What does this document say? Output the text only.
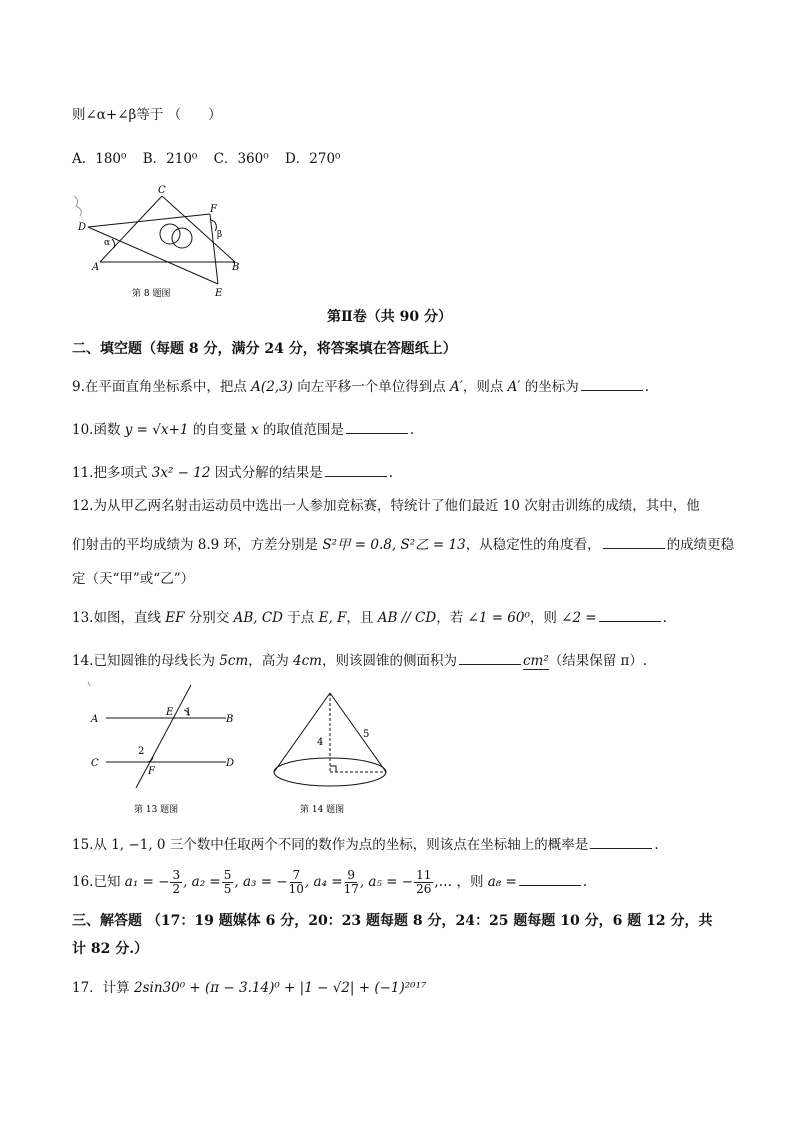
则∠α+∠β等于 （　　）
A．180⁰ B．210⁰ C．360⁰ D．270⁰
C
F
D
α
β
A	B
E
第 8 题图
第Ⅱ卷（共 90 分）
二、填空题（每题 8 分，满分 24 分，将答案填在答题纸上）
9.在平面直角坐标系中，把点 A(2,3) 向左平移一个单位得到点 A′，则点 A′ 的坐标为	.
10.函数 y = √x+1 的自变量 x 的取值范围是	.
11.把多项式 3x² − 12 因式分解的结果是	.
12.为从甲乙两名射击运动员中选出一人参加竞标赛，特统计了他们最近 10 次射击训练的成绩，其中，他
们射击的平均成绩为 8.9 环，方差分别是 S²甲 = 0.8, S²乙 = 13，从稳定性的角度看，	的成绩更稳
定（天“甲”或“乙”）
13.如图，直线 EF 分别交 AB, CD 于点 E, F，且 AB // CD，若 ∠1 = 60⁰，则 ∠2 =	.
14.已知圆锥的母线长为 5cm，高为 4cm，则该圆锥的侧面积为	cm²（结果保留 π）.
A
E 1
B
C
2
F
D
第 13 题图
4
5
第 14 题图
15.从 1, −1, 0 三个数中任取两个不同的数作为点的坐标，则该点在坐标轴上的概率是	.
16.已知 a₁ = − $\frac{3}{2}$ , $a_2 = \frac{5}{5}$ , a₃ = − $\frac{7}{10}$ , $a_4 = \frac{9}{17}$ , a₅ = − $\frac{11}{26}$ ,… ，则 a₈ =	.
三、解答题 （17：19 题媒体 6 分，20：23 题每题 8 分，24：25 题每题 10 分，6 题 12 分，共
计 82 分.）
17．计算 2sin30⁰ + (π − 3.14)⁰ + |1 − √2| + (−1)²⁰¹⁷
